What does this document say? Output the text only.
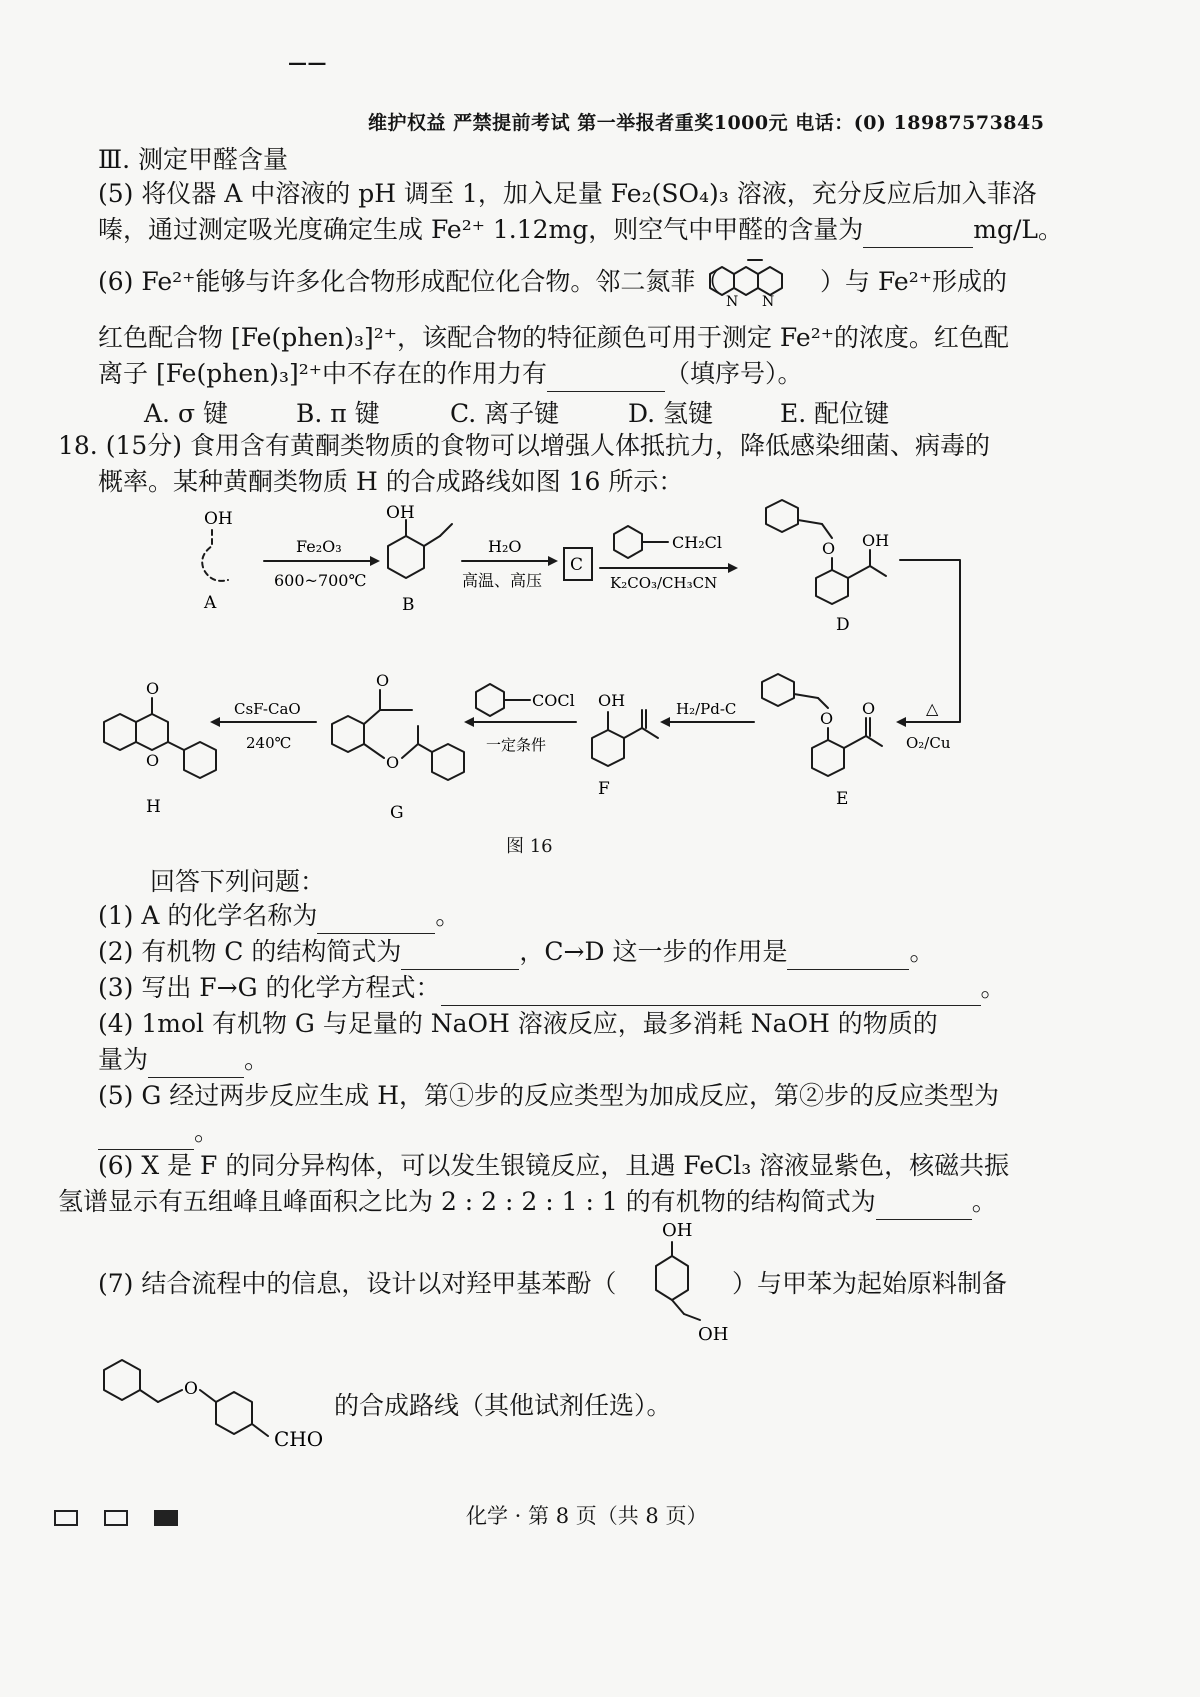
——
维护权益 严禁提前考试 第一举报者重奖1000元 电话：(0) 18987573845
Ⅲ. 测定甲醛含量
(5) 将仪器 A 中溶液的 pH 调至 1，加入足量 Fe₂(SO₄)₃ 溶液，充分反应后加入菲洛
嗪，通过测定吸光度确定生成 Fe²⁺ 1.12mg，则空气中甲醛的含量为	mg/L。
(6) Fe²⁺能够与许多化合物形成配位化合物。邻二氮菲（
N N
）与 Fe²⁺形成的
红色配合物 [Fe(phen)₃]²⁺，该配合物的特征颜色可用于测定 Fe²⁺的浓度。红色配
离子 [Fe(phen)₃]²⁺中不存在的作用力有	（填序号）。
A. σ 键	B. π 键	C. 离子键	D. 氢键	E. 配位键
18. (15分) 食用含有黄酮类物质的食物可以增强人体抵抗力，降低感染细菌、病毒的
概率。某种黄酮类物质 H 的合成路线如图 16 所示：
OH
A
Fe₂O₃
600~700℃
OH
B
H₂O
高温、高压
C
CH₂Cl
K₂CO₃/CH₃CN
O OH
D
△
O₂/Cu
O
O
E
H₂/Pd-C
OH
F
COCl
一定条件
O
O
G
CsF-CaO
240℃
O
O
H
图 16
回答下列问题：
(1) A 的化学名称为	。
(2) 有机物 C 的结构简式为	，C→D 这一步的作用是	。
(3) 写出 F→G 的化学方程式：	。
(4) 1mol 有机物 G 与足量的 NaOH 溶液反应，最多消耗 NaOH 的物质的
量为	。
(5) G 经过两步反应生成 H，第①步的反应类型为加成反应，第②步的反应类型为
。
(6) X 是 F 的同分异构体，可以发生银镜反应，且遇 FeCl₃ 溶液显紫色，核磁共振
氢谱显示有五组峰且峰面积之比为 2 : 2 : 2 : 1 : 1 的有机物的结构简式为	。
(7) 结合流程中的信息，设计以对羟甲基苯酚（
OH
OH
）与甲苯为起始原料制备
O
CHO
的合成路线（其他试剂任选）。
化学 · 第 8 页（共 8 页）
